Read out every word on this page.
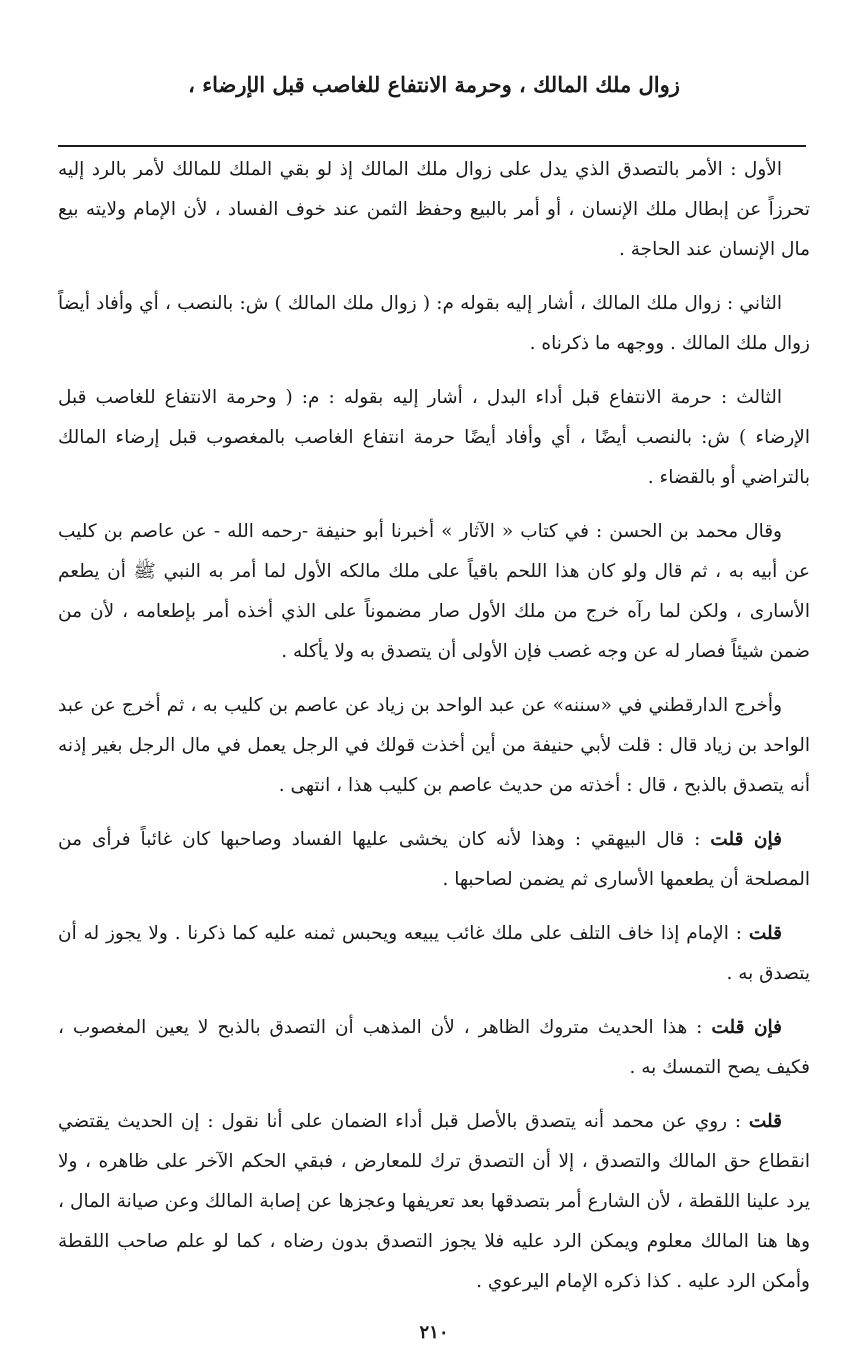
زوال ملك المالك ، وحرمة الانتفاع للغاصب قبل الإرضاء ،

الأول : الأمر بالتصدق الذي يدل على زوال ملك المالك إذ لو بقي الملك للمالك لأمر بالرد إليه تحرزاً عن إبطال ملك الإنسان ، أو أمر بالبيع وحفظ الثمن عند خوف الفساد ، لأن الإمام ولايته بيع مال الإنسان عند الحاجة .

الثاني : زوال ملك المالك ، أشار إليه بقوله م: ( زوال ملك المالك ) ش: بالنصب ، أي وأفاد أيضاً زوال ملك المالك . ووجهه ما ذكرناه .

الثالث : حرمة الانتفاع قبل أداء البدل ، أشار إليه بقوله : م: ( وحرمة الانتفاع للغاصب قبل الإرضاء ) ش: بالنصب أيضًا ، أي وأفاد أيضًا حرمة انتفاع الغاصب بالمغصوب قبل إرضاء المالك بالتراضي أو بالقضاء .

وقال محمد بن الحسن : في كتاب « الآثار » أخبرنا أبو حنيفة -رحمه الله - عن عاصم بن كليب عن أبيه به ، ثم قال ولو كان هذا اللحم باقياً على ملك مالكه الأول لما أمر به النبي ﷺ أن يطعم الأسارى ، ولكن لما رآه خرج من ملك الأول صار مضموناً على الذي أخذه أمر بإطعامه ، لأن من ضمن شيئاً فصار له عن وجه غصب فإن الأولى أن يتصدق به ولا يأكله .

وأخرج الدارقطني في «سننه» عن عبد الواحد بن زياد عن عاصم بن كليب به ، ثم أخرج عن عبد الواحد بن زياد قال : قلت لأبي حنيفة من أين أخذت قولك في الرجل يعمل في مال الرجل بغير إذنه أنه يتصدق بالذبح ، قال : أخذته من حديث عاصم بن كليب هذا ، انتهى .

فإن قلت : قال البيهقي : وهذا لأنه كان يخشى عليها الفساد وصاحبها كان غائباً فرأى من المصلحة أن يطعمها الأسارى ثم يضمن لصاحبها .

قلت : الإمام إذا خاف التلف على ملك غائب يبيعه ويحبس ثمنه عليه كما ذكرنا . ولا يجوز له أن يتصدق به .

فإن قلت : هذا الحديث متروك الظاهر ، لأن المذهب أن التصدق بالذبح لا يعين المغصوب ، فكيف يصح التمسك به .

قلت : روي عن محمد أنه يتصدق بالأصل قبل أداء الضمان على أنا نقول : إن الحديث يقتضي انقطاع حق المالك والتصدق ، إلا أن التصدق ترك للمعارض ، فبقي الحكم الآخر على ظاهره ، ولا يرد علينا اللقطة ، لأن الشارع أمر بتصدقها بعد تعريفها وعجزها عن إصابة المالك وعن صيانة المال ، وها هنا المالك معلوم ويمكن الرد عليه فلا يجوز التصدق بدون رضاه ، كما لو علم صاحب اللقطة وأمكن الرد عليه . كذا ذكره الإمام اليرعوي .

٢١٠
